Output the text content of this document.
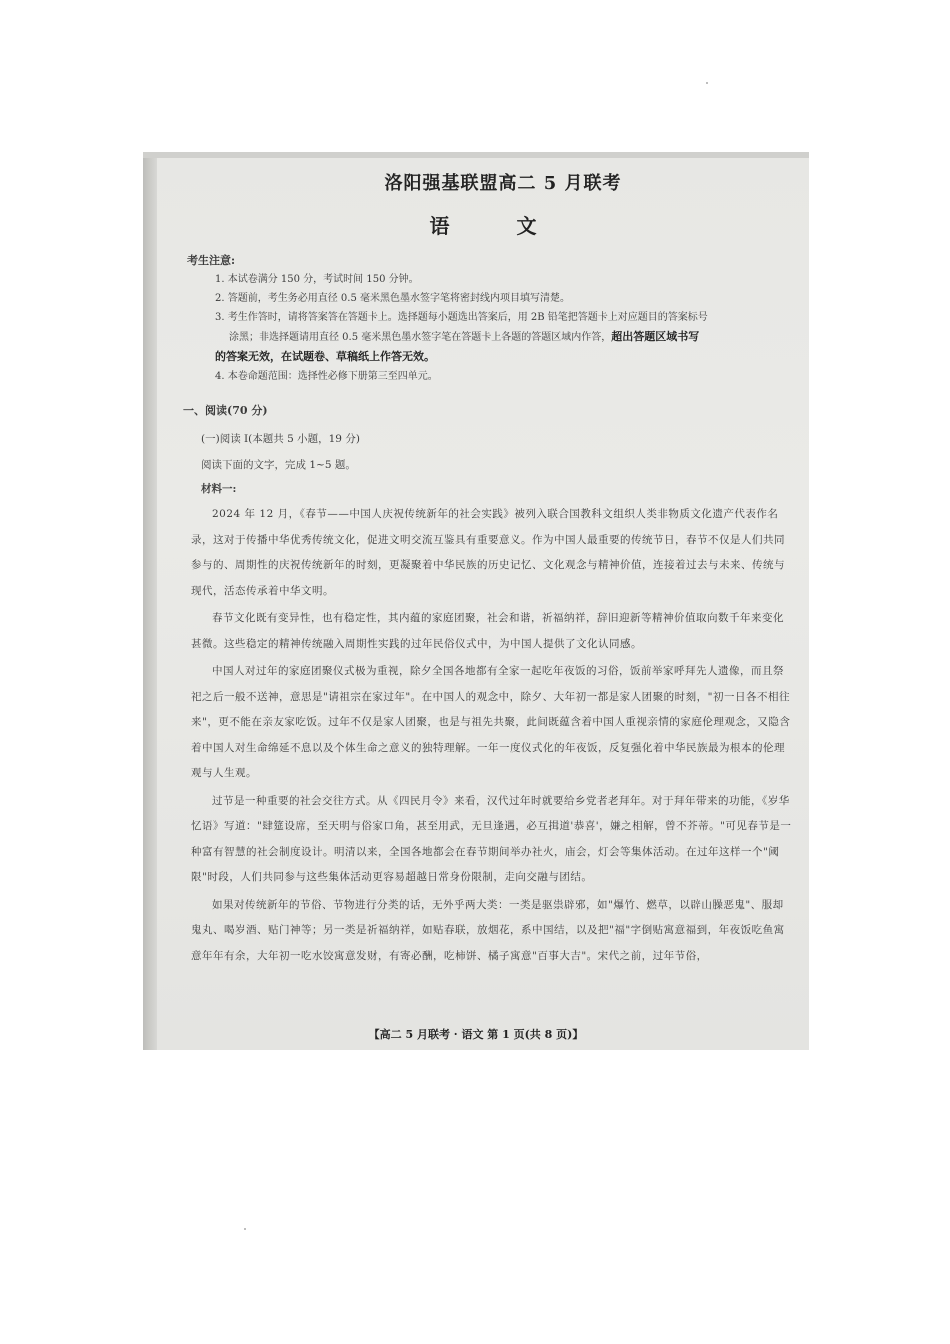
洛阳强基联盟高二 5 月联考
语 文
考生注意:
1. 本试卷满分 150 分，考试时间 150 分钟。
2. 答题前，考生务必用直径 0.5 毫米黑色墨水签字笔将密封线内项目填写清楚。
3. 考生作答时，请将答案答在答题卡上。选择题每小题选出答案后，用 2B 铅笔把答题卡上对应题目的答案标号
涂黑；非选择题请用直径 0.5 毫米黑色墨水签字笔在答题卡上各题的答题区域内作答，超出答题区域书写
的答案无效，在试题卷、草稿纸上作答无效。
4. 本卷命题范围：选择性必修下册第三至四单元。
一、阅读(70 分)
(一)阅读 I(本题共 5 小题，19 分)
阅读下面的文字，完成 1~5 题。
材料一:
2024 年 12 月，《春节——中国人庆祝传统新年的社会实践》被列入联合国教科文组织人类非物质文化遗产代表作名录，这对于传播中华优秀传统文化，促进文明交流互鉴具有重要意义。作为中国人最重要的传统节日，春节不仅是人们共同参与的、周期性的庆祝传统新年的时刻，更凝聚着中华民族的历史记忆、文化观念与精神价值，连接着过去与未来、传统与现代，活态传承着中华文明。
春节文化既有变异性，也有稳定性，其内蕴的家庭团聚，社会和谐，祈福纳祥，辞旧迎新等精神价值取向数千年来变化甚微。这些稳定的精神传统融入周期性实践的过年民俗仪式中，为中国人提供了文化认同感。
中国人对过年的家庭团聚仪式极为重视，除夕全国各地都有全家一起吃年夜饭的习俗，饭前举家呼拜先人遗像，而且祭祀之后一般不送神，意思是"请祖宗在家过年"。在中国人的观念中，除夕、大年初一都是家人团聚的时刻，"初一日各不相往来"，更不能在亲友家吃饭。过年不仅是家人团聚，也是与祖先共聚，此间既蕴含着中国人重视亲情的家庭伦理观念，又隐含着中国人对生命绵延不息以及个体生命之意义的独特理解。一年一度仪式化的年夜饭，反复强化着中华民族最为根本的伦理观与人生观。
过节是一种重要的社会交往方式。从《四民月令》来看，汉代过年时就要给乡党者老拜年。对于拜年带来的功能，《岁华忆语》写道："肆筵设席，至天明与俗家口角，甚至用武，无旦逢遇，必互揖道'恭喜'，嫌之相解，曾不芥蒂。"可见春节是一种富有智慧的社会制度设计。明清以来，全国各地都会在春节期间举办社火，庙会，灯会等集体活动。在过年这样一个"阈限"时段，人们共同参与这些集体活动更容易超越日常身份限制，走向交融与团结。
如果对传统新年的节俗、节物进行分类的话，无外乎两大类：一类是驱祟辟邪，如"爆竹、燃草，以辟山臊恶鬼"、服却鬼丸、喝岁酒、贴门神等；另一类是祈福纳祥，如贴春联，放烟花，系中国结，以及把"福"字倒贴寓意福到，年夜饭吃鱼寓意年年有余，大年初一吃水饺寓意发财，有寄必酬，吃柿饼、橘子寓意"百事大吉"。宋代之前，过年节俗，
【高二 5 月联考 · 语文 第 1 页(共 8 页)】
